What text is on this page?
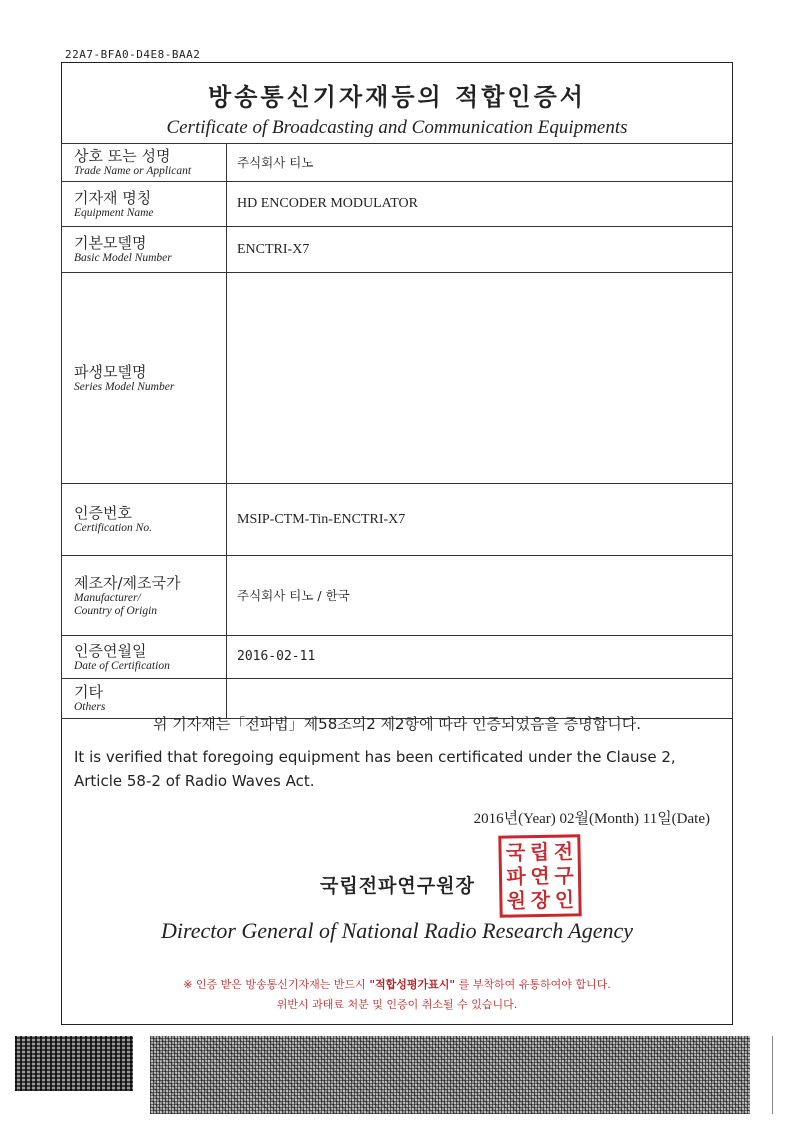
22A7-BFA0-D4E8-BAA2
방송통신기자재등의 적합인증서
Certificate of Broadcasting and Communication Equipments
상호 또는 성명
Trade Name or Applicant	주식회사 티노

기자재 명칭
Equipment Name	HD ENCODER MODULATOR

기본모델명
Basic Model Number	ENCTRI-X7

파생모델명
Series Model Number	

인증번호
Certification No.	MSIP-CTM-Tin-ENCTRI-X7

제조자/제조국가
Manufacturer/
Country of Origin	주식회사 티노 / 한국

인증연월일
Date of Certification	2016-02-11

기타
Others	

위 기자재는「전파법」제58조의2 제2항에 따라 인증되었음을 증명합니다.
It is verified that foregoing equipment has been certificated under the Clause 2, Article 58-2 of Radio Waves Act.
2016년(Year) 02월(Month) 11일(Date)
국립전파연구원장
국 립 전
파 연 구
원 장 인
Director General of National Radio Research Agency
※ 인증 받은 방송통신기자재는 반드시 "적합성평가표시" 를 부착하여 유통하여야 합니다.
위반시 과태료 처분 및 인증이 취소될 수 있습니다.
